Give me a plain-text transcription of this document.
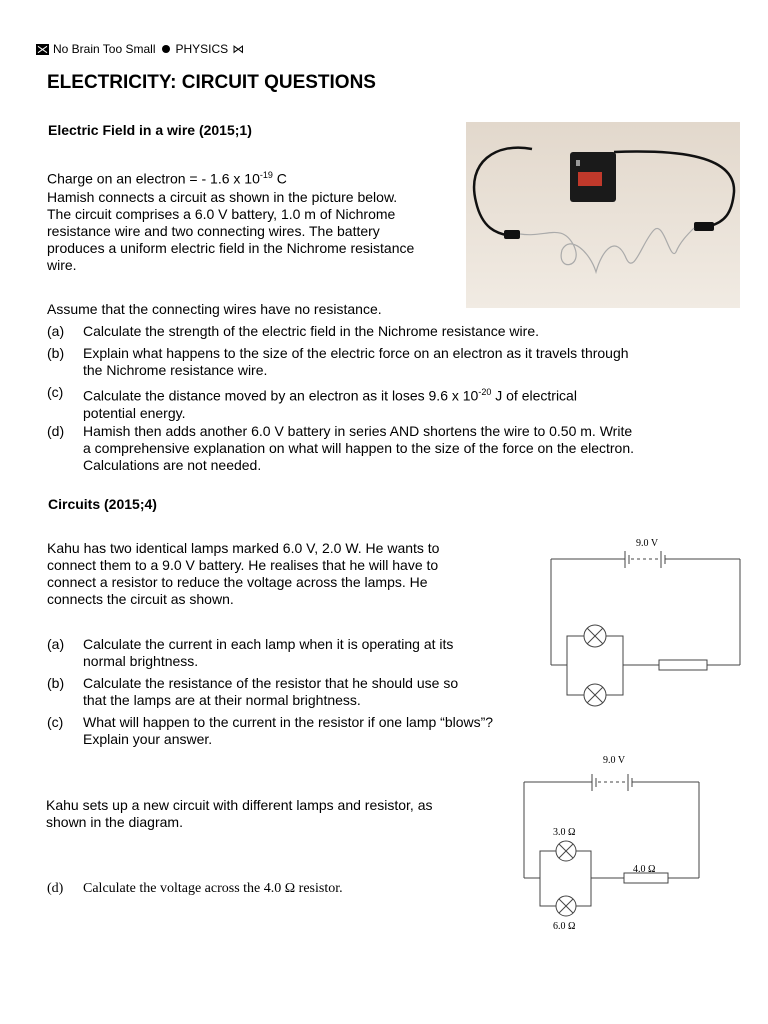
No Brain Too Small PHYSICS ⋈
ELECTRICITY: CIRCUIT QUESTIONS
Electric Field in a wire (2015;1)
Charge on an electron = - 1.6 x $10^{-19}$ C
Hamish connects a circuit as shown in the picture below.
The circuit comprises a 6.0 V battery, 1.0 m of Nichrome
resistance wire and two connecting wires. The battery
produces a uniform electric field in the Nichrome resistance
wire.
Assume that the connecting wires have no resistance.
(a) Calculate the strength of the electric field in the Nichrome resistance wire.
(b) Explain what happens to the size of the electric force on an electron as it travels through
the Nichrome resistance wire.
(c) Calculate the distance moved by an electron as it loses 9.6 x $10^{-20}$ J of electrical
potential energy.
(d) Hamish then adds another 6.0 V battery in series AND shortens the wire to 0.50 m. Write
a comprehensive explanation on what will happen to the size of the force on the electron.
Calculations are not needed.
Circuits (2015;4)
Kahu has two identical lamps marked 6.0 V, 2.0 W. He wants to
connect them to a 9.0 V battery. He realises that he will have to
connect a resistor to reduce the voltage across the lamps. He
connects the circuit as shown.
9.0 V
(a) Calculate the current in each lamp when it is operating at its
normal brightness.
(b) Calculate the resistance of the resistor that he should use so
that the lamps are at their normal brightness.
(c) What will happen to the current in the resistor if one lamp “blows”?
Explain your answer.
Kahu sets up a new circuit with different lamps and resistor, as
shown in the diagram.
9.0 V
3.0 Ω
4.0 Ω
6.0 Ω
(d) Calculate the voltage across the 4.0 Ω resistor.
